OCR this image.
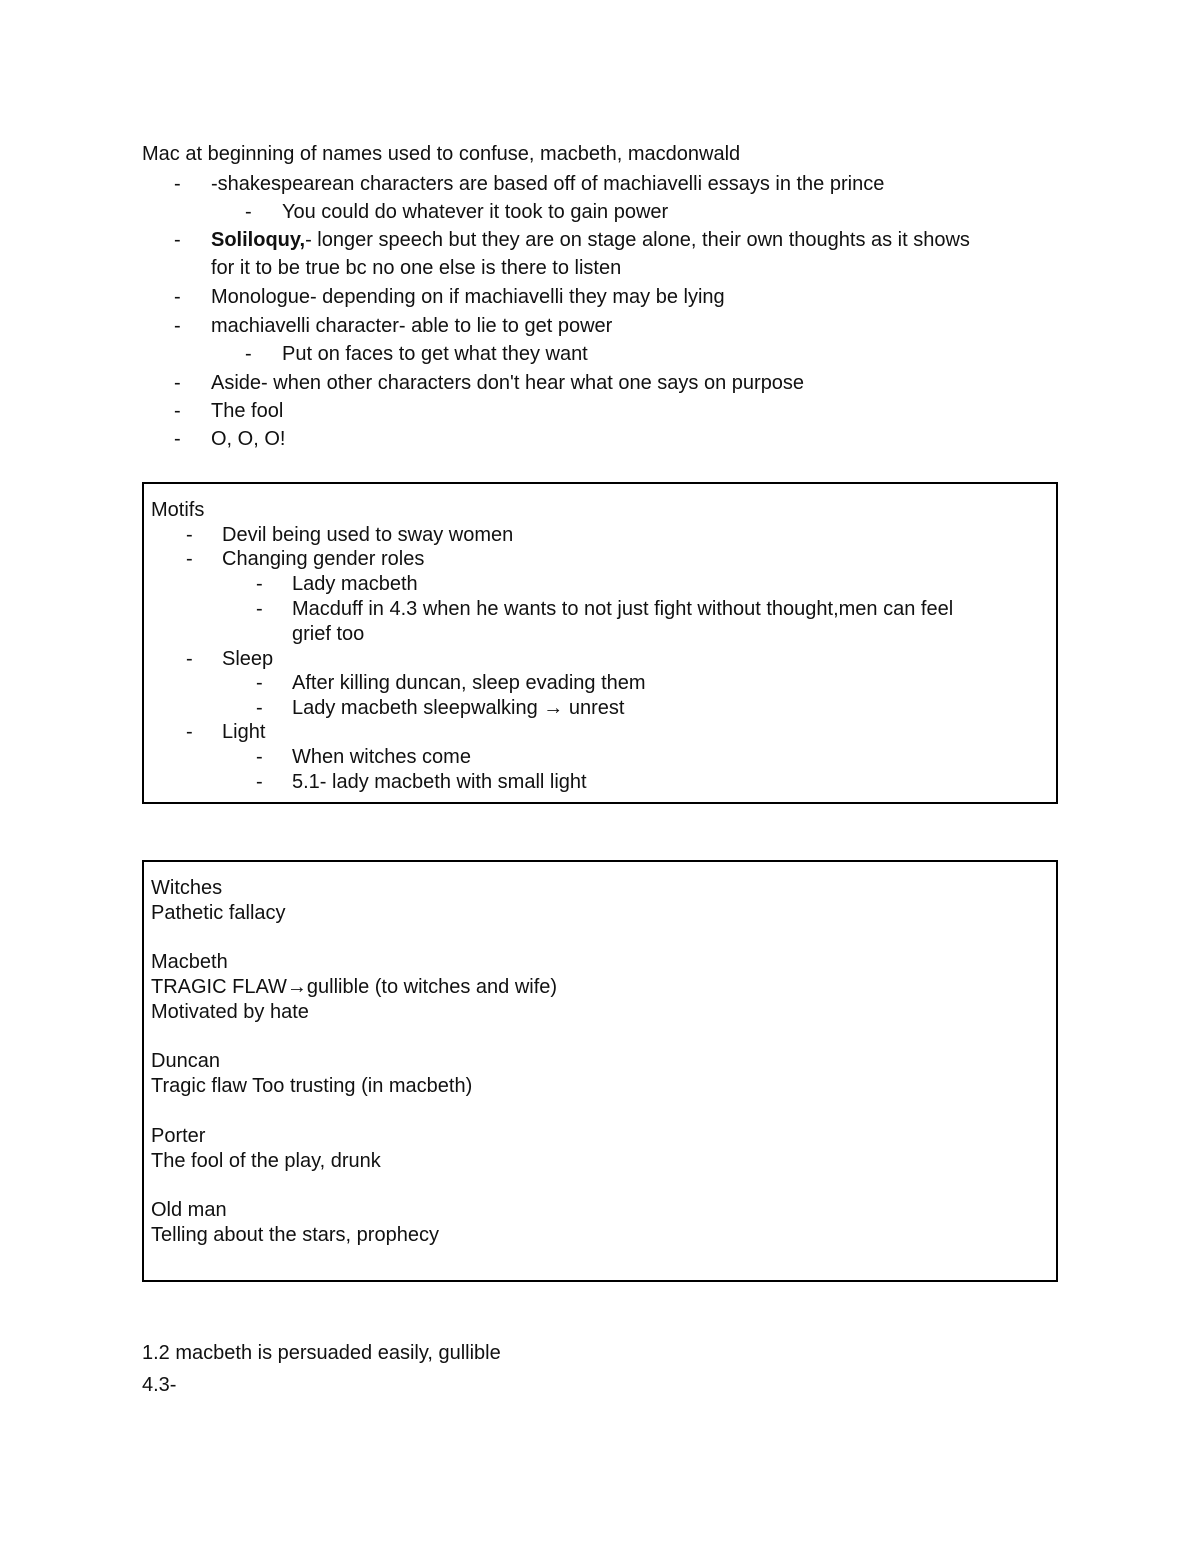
Mac at beginning of names used to confuse, macbeth, macdonwald
-	-shakespearean characters are based off of machiavelli essays in the prince
-	You could do whatever it took to gain power
-	Soliloquy,- longer speech but they are on stage alone, their own thoughts as it shows
for it to be true bc no one else is there to listen
-	Monologue- depending on if machiavelli they may be lying
-	machiavelli character- able to lie to get power
-	Put on faces to get what they want
-	Aside- when other characters don't hear what one says on purpose
-	The fool
-	O, O, O!
Motifs
-	Devil being used to sway women
-	Changing gender roles
-	Lady macbeth
-	Macduff in 4.3 when he wants to not just fight without thought,men can feel
grief too
-	Sleep
-	After killing duncan, sleep evading them
-	Lady macbeth sleepwalking → unrest
-	Light
-	When witches come
-	5.1- lady macbeth with small light
Witches
Pathetic fallacy
Macbeth
TRAGIC FLAW→gullible (to witches and wife)
Motivated by hate
Duncan
Tragic flaw Too trusting (in macbeth)
Porter
The fool of the play, drunk
Old man
Telling about the stars, prophecy
1.2 macbeth is persuaded easily, gullible
4.3-
